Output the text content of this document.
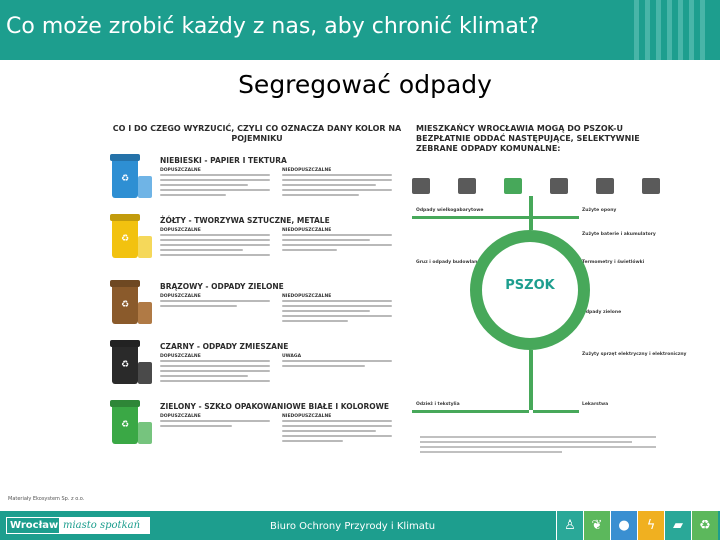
Co może zrobić każdy z nas, aby chronić klimat?
Segregować odpady
CO I DO CZEGO WYRZUCIĆ, CZYLI CO OZNACZA DANY KOLOR NA POJEMNIKU
♻
NIEBIESKI - PAPIER I TEKTURA
DOPUSZCZALNE	NIEDOPUSZCZALNE
♻
ŻÓŁTY - TWORZYWA SZTUCZNE, METALE
DOPUSZCZALNE	NIEDOPUSZCZALNE
♻
BRĄZOWY - ODPADY ZIELONE
DOPUSZCZALNE	NIEDOPUSZCZALNE
♻
CZARNY - ODPADY ZMIESZANE
DOPUSZCZALNE	UWAGA
♻
ZIELONY - SZKŁO OPAKOWANIOWE BIAŁE I KOLOROWE
DOPUSZCZALNE	NIEDOPUSZCZALNE
MIESZKAŃCY WROCŁAWIA MOGĄ DO PSZOK-U BEZPŁATNIE ODDAĆ NASTĘPUJĄCE, SELEKTYWNIE ZEBRANE ODPADY KOMUNALNE:
Odpady wielkogabarytowe	Zużyte opony
Zużyte baterie i akumulatory
Termometry i świetlówki
Zużyty sprzęt elektryczny i elektroniczny
Odzież i tekstylia
Odpady zielone
Gruz i odpady budowlane
Lekarstwa
PSZOK
Materiały Ekosystem Sp. z o.o.
Wrocław miasto spotkań	Biuro Ochrony Przyrody i Klimatu	♙	❦	●	ϟ	▰	♻
